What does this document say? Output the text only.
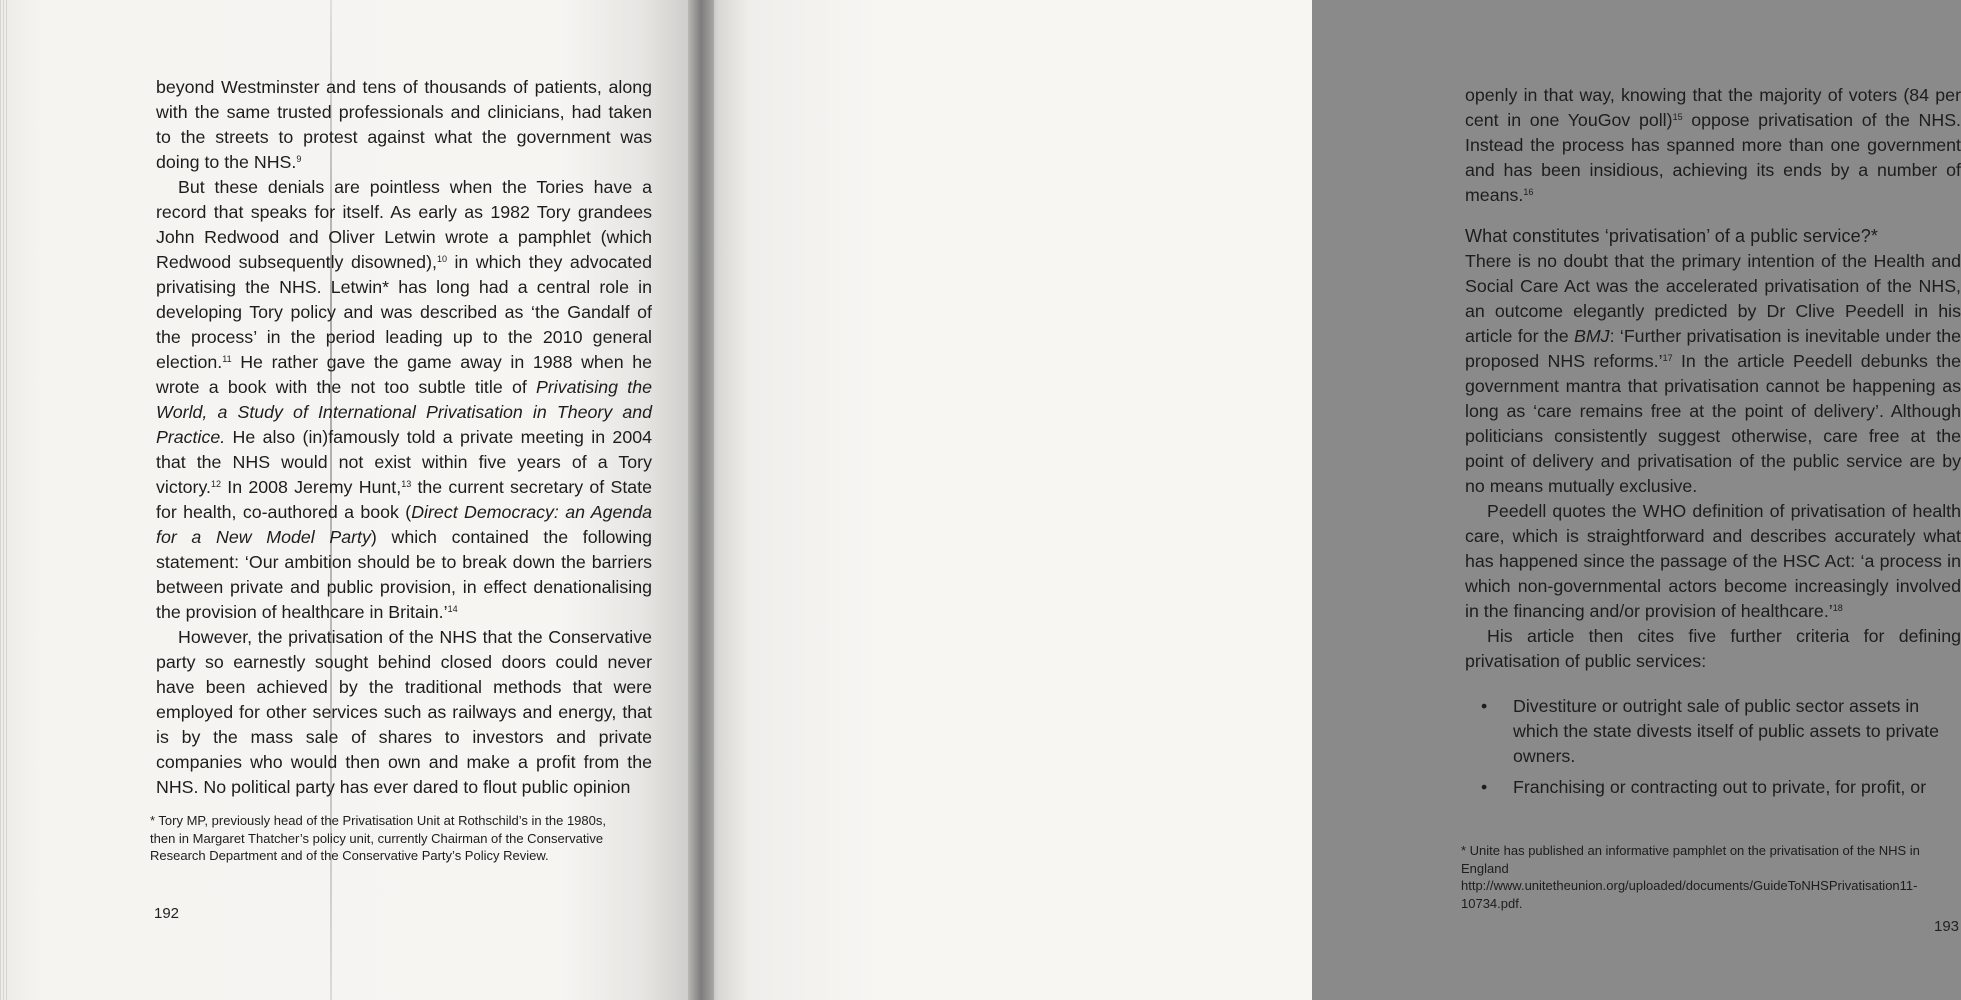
beyond Westminster and tens of thousands of patients, along with the same trusted professionals and clinicians, had taken to the streets to protest against what the government was doing to the NHS.$^9$

But these denials are pointless when the Tories have a record that speaks for itself. As early as 1982 Tory grandees John Redwood and Oliver Letwin wrote a pamphlet (which Redwood subsequently disowned),$^{10}$ in which they advocated privatising the NHS. Letwin* has long had a central role in developing Tory policy and was described as ‘the Gandalf of the process’ in the period leading up to the 2010 general election.$^{11}$ He rather gave the game away in 1988 when he wrote a book with the not too subtle title of Privatising the World, a Study of International Privatisation in Theory and Practice. He also (in)famously told a private meeting in 2004 that the NHS would not exist within five years of a Tory victory.$^{12}$ In 2008 Jeremy Hunt,$^{13}$ the current secretary of State for health, co-authored a book (Direct Democracy: an Agenda for a New Model Party) which contained the following statement: ‘Our ambition should be to break down the barriers between private and public provision, in effect denationalising the provision of healthcare in Britain.’$^{14}$

However, the privatisation of the NHS that the Conservative party so earnestly sought behind closed doors could never have been achieved by the traditional methods that were employed for other services such as railways and energy, that is by the mass sale of shares to investors and private companies who would then own and make a profit from the NHS. No political party has ever dared to flout public opinion

* Tory MP, previously head of the Privatisation Unit at Rothschild’s in the 1980s, then in Margaret Thatcher’s policy unit, currently Chairman of the Conservative Research Department and of the Conservative Party’s Policy Review.
192

openly in that way, knowing that the majority of voters (84 per cent in one YouGov poll)$^{15}$ oppose privatisation of the NHS. Instead the process has spanned more than one government and has been insidious, achieving its ends by a number of means.$^{16}$

What constitutes ‘privatisation’ of a public service?*

There is no doubt that the primary intention of the Health and Social Care Act was the accelerated privatisation of the NHS, an outcome elegantly predicted by Dr Clive Peedell in his article for the BMJ: ‘Further privatisation is inevitable under the proposed NHS reforms.’$^{17}$ In the article Peedell debunks the government mantra that privatisation cannot be happening as long as ‘care remains free at the point of delivery’. Although politicians consistently suggest otherwise, care free at the point of delivery and privatisation of the public service are by no means mutually exclusive.

Peedell quotes the WHO definition of privatisation of health care, which is straightforward and describes accurately what has happened since the passage of the HSC Act: ‘a process in which non-governmental actors become increasingly involved in the financing and/or provision of healthcare.’$^{18}$

His article then cites five further criteria for defining privatisation of public services:

• Divestiture or outright sale of public sector assets in which the state divests itself of public assets to private owners.
• Franchising or contracting out to private, for profit, or
* Unite has published an informative pamphlet on the privatisation of the NHS in England http://www.unitetheunion.org/uploaded/documents/GuideToNHSPrivatisation11-10734.pdf.
193
